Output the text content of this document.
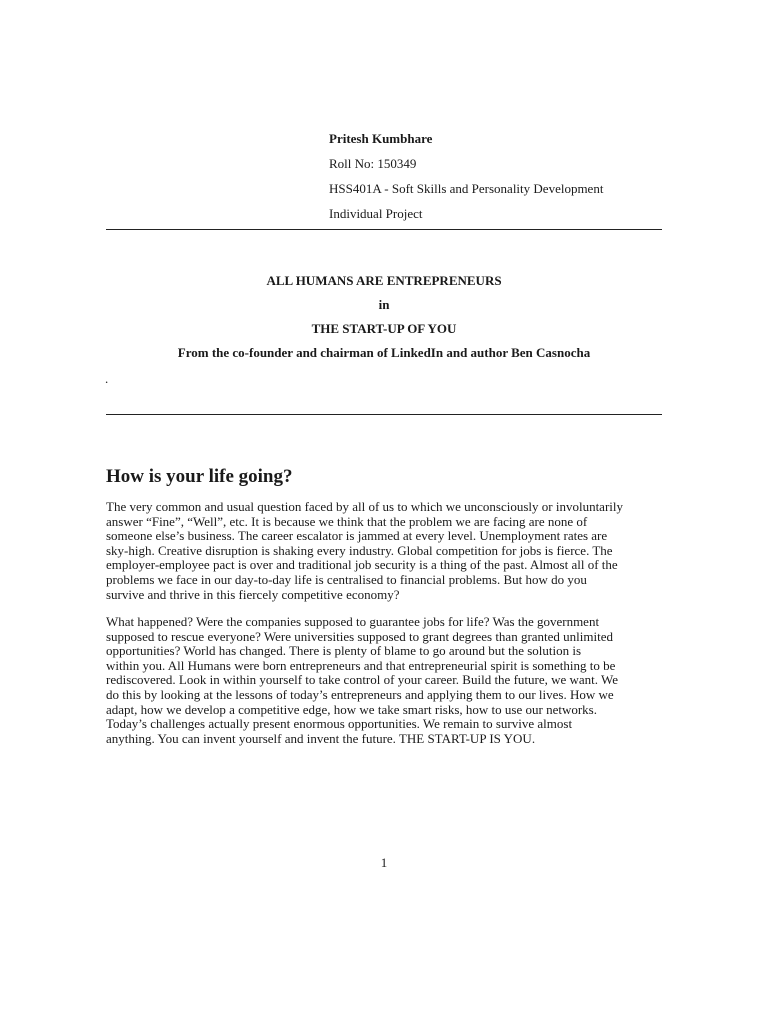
Pritesh Kumbhare
Roll No: 150349
HSS401A - Soft Skills and Personality Development
Individual Project
ALL HUMANS ARE ENTREPRENEURS
in
THE START-UP OF YOU
From the co-founder and chairman of LinkedIn and author Ben Casnocha
.
How is your life going?
The very common and usual question faced by all of us to which we unconsciously or involuntarily
answer “Fine”, “Well”, etc. It is because we think that the problem we are facing are none of
someone else’s business. The career escalator is jammed at every level. Unemployment rates are
sky-high. Creative disruption is shaking every industry. Global competition for jobs is fierce. The
employer-employee pact is over and traditional job security is a thing of the past. Almost all of the
problems we face in our day-to-day life is centralised to financial problems. But how do you
survive and thrive in this fiercely competitive economy?
What happened? Were the companies supposed to guarantee jobs for life? Was the government
supposed to rescue everyone? Were universities supposed to grant degrees than granted unlimited
opportunities? World has changed. There is plenty of blame to go around but the solution is
within you. All Humans were born entrepreneurs and that entrepreneurial spirit is something to be
rediscovered. Look in within yourself to take control of your career. Build the future, we want. We
do this by looking at the lessons of today’s entrepreneurs and applying them to our lives. How we
adapt, how we develop a competitive edge, how we take smart risks, how to use our networks.
Today’s challenges actually present enormous opportunities. We remain to survive almost
anything. You can invent yourself and invent the future. THE START-UP IS YOU.
1
